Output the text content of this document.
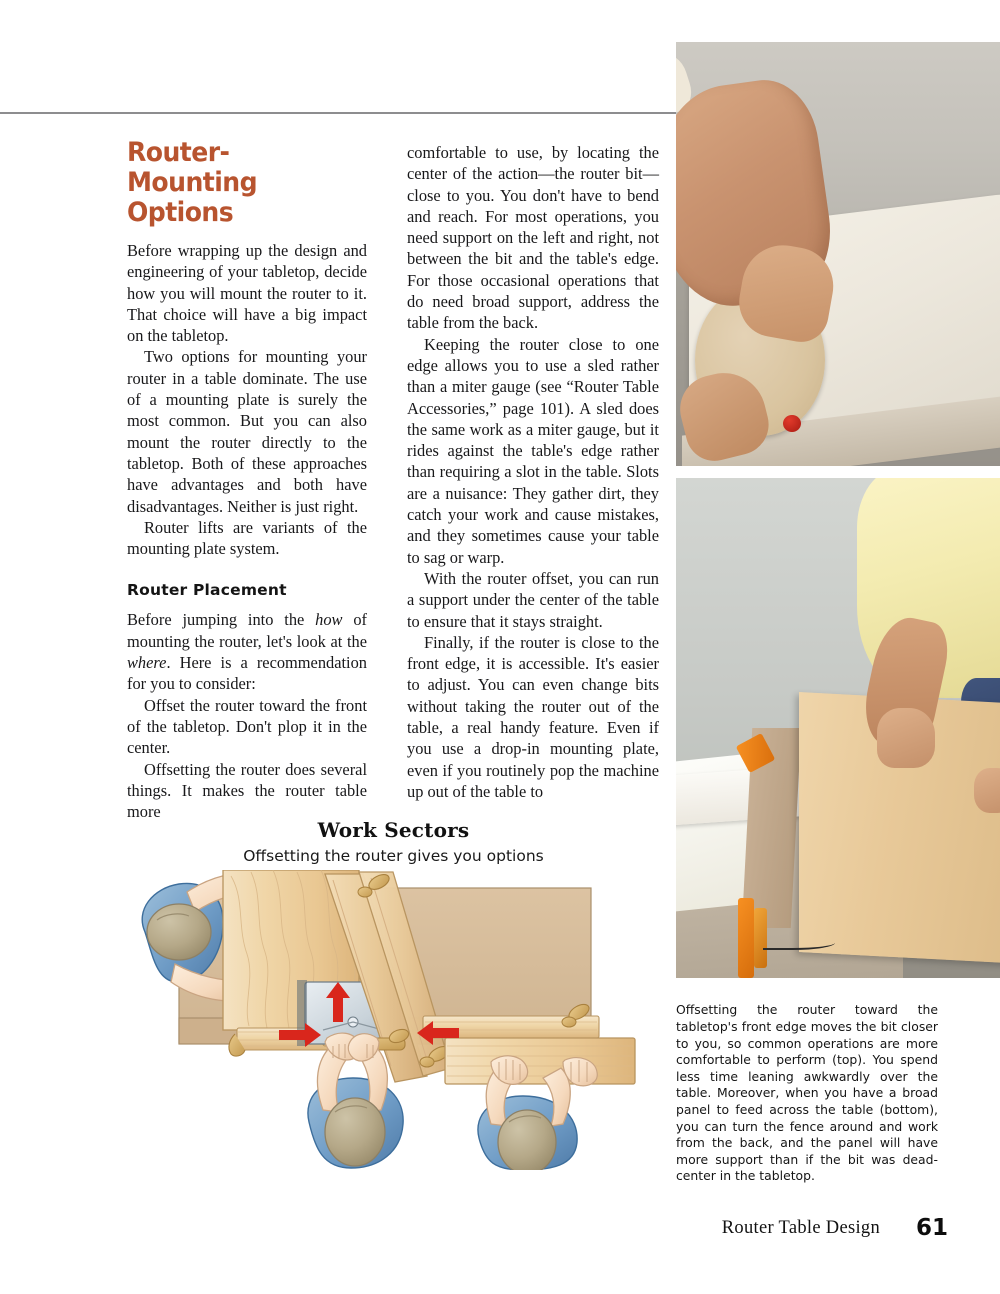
Router-Mounting Options

Before wrapping up the design and engineering of your tabletop, decide how you will mount the router to it. That choice will have a big impact on the tabletop.

Two options for mounting your router in a table dominate. The use of a mounting plate is surely the most common. But you can also mount the router directly to the tabletop. Both of these approaches have advantages and both have disadvantages. Neither is just right.

Router lifts are variants of the mounting plate system.

Router Placement

Before jumping into the how of mounting the router, let's look at the where. Here is a recommendation for you to consider:

Offset the router toward the front of the tabletop. Don't plop it in the center.

Offsetting the router does several things. It makes the router table more

comfortable to use, by locating the center of the action—the router bit—close to you. You don't have to bend and reach. For most operations, you need support on the left and right, not between the bit and the table's edge. For those occasional operations that do need broad support, address the table from the back.

Keeping the router close to one edge allows you to use a sled rather than a miter gauge (see “Router Table Accessories,” page 101). A sled does the same work as a miter gauge, but it rides against the table's edge rather than requiring a slot in the table. Slots are a nuisance: They gather dirt, they catch your work and cause mistakes, and they sometimes cause your table to sag or warp.

With the router offset, you can run a support under the center of the table to ensure that it stays straight.

Finally, if the router is close to the front edge, it is accessible. It's easier to adjust. You can even change bits without taking the router out of the table, a real handy feature. Even if you use a drop-in mounting plate, even if you routinely pop the machine up out of the table to

Work Sectors

Offsetting the router gives you options

Offsetting the router toward the tabletop's front edge moves the bit closer to you, so common operations are more comfortable to perform (top). You spend less time leaning awkwardly over the table. Moreover, when you have a broad panel to feed across the table (bottom), you can turn the fence around and work from the back, and the panel will have more support than if the bit was dead-center in the tabletop.

Router Table Design 61
